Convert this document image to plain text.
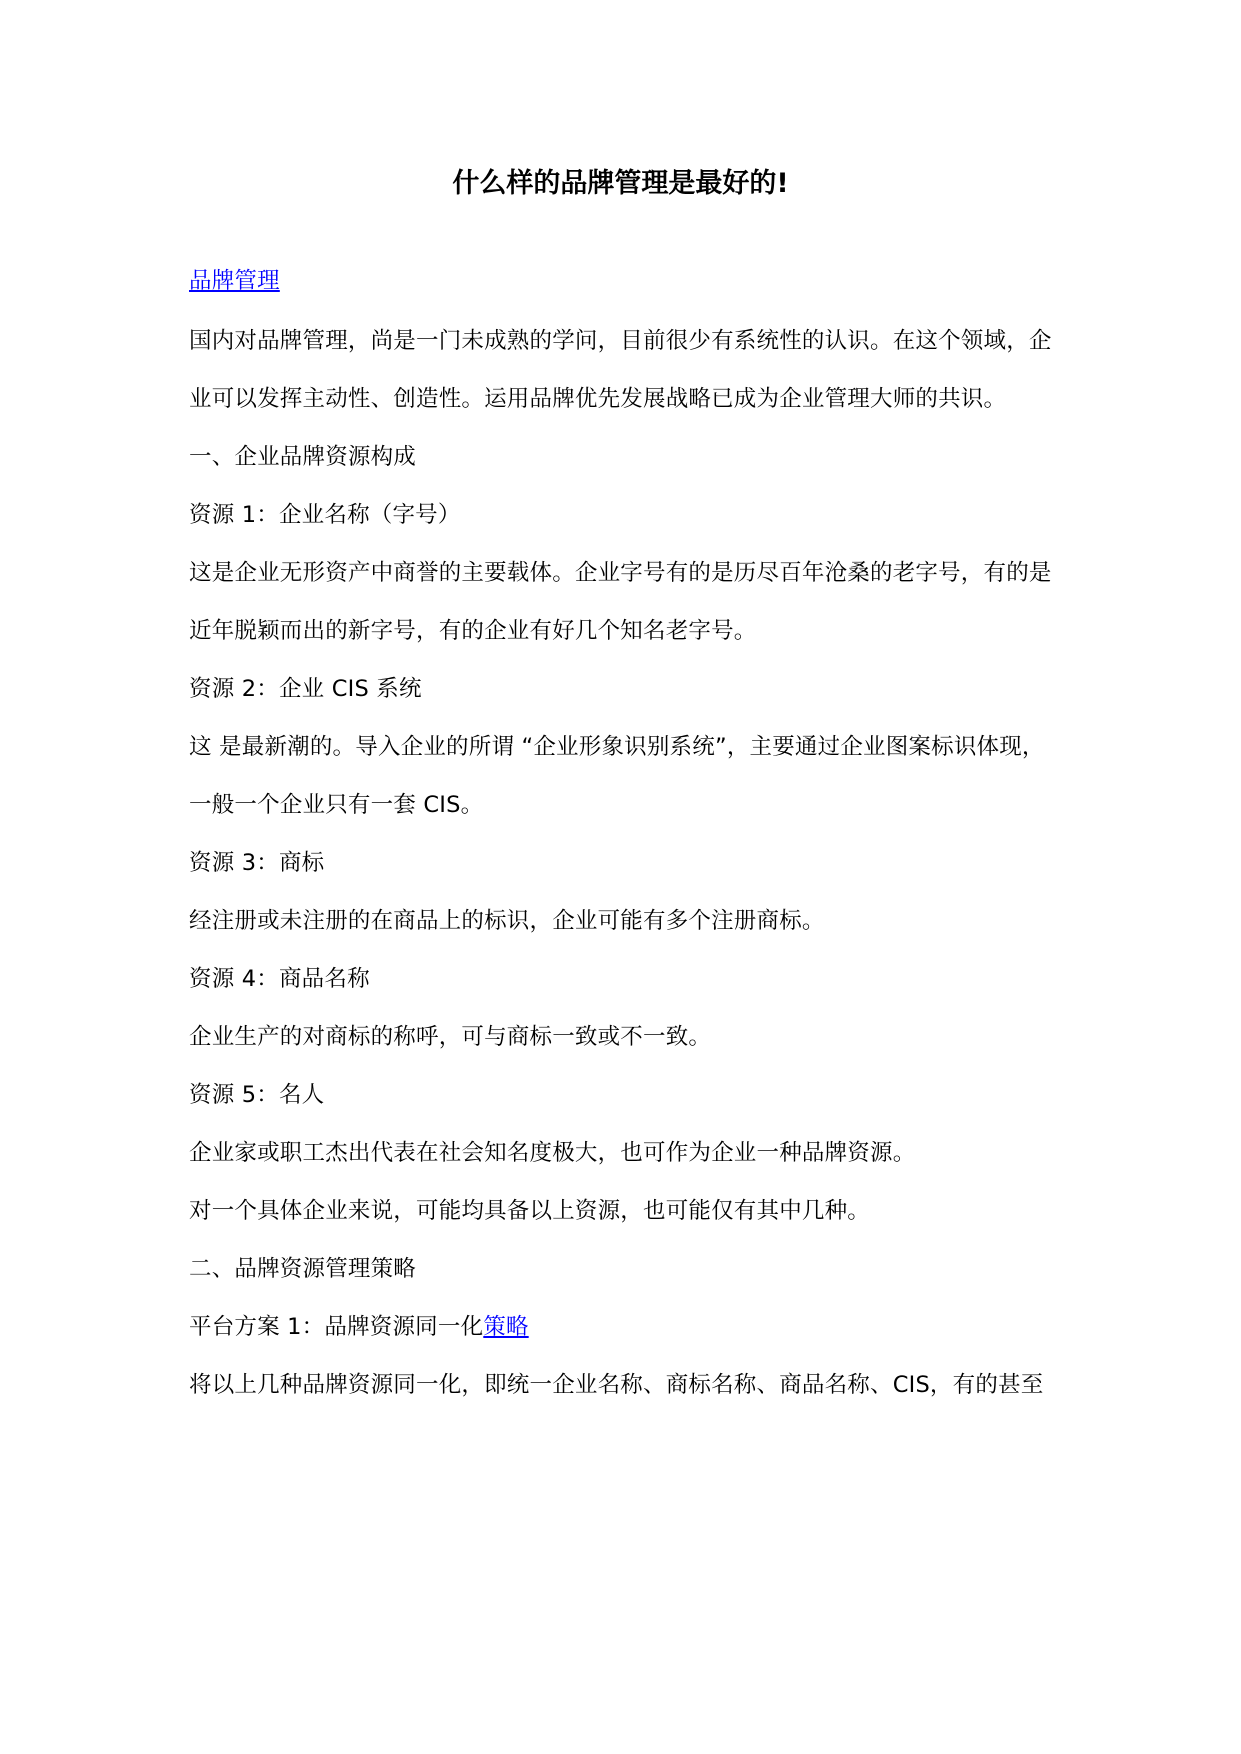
什么样的品牌管理是最好的!
品牌管理
国内对品牌管理，尚是一门未成熟的学问，目前很少有系统性的认识。在这个领域，企
业可以发挥主动性、创造性。运用品牌优先发展战略已成为企业管理大师的共识。
一、企业品牌资源构成
资源 1：企业名称（字号）
这是企业无形资产中商誉的主要载体。企业字号有的是历尽百年沧桑的老字号，有的是
近年脱颖而出的新字号，有的企业有好几个知名老字号。
资源 2：企业 CIS 系统
这 是最新潮的。导入企业的所谓 “企业形象识别系统”，主要通过企业图案标识体现，
一般一个企业只有一套 CIS。
资源 3：商标
经注册或未注册的在商品上的标识，企业可能有多个注册商标。
资源 4：商品名称
企业生产的对商标的称呼，可与商标一致或不一致。
资源 5：名人
企业家或职工杰出代表在社会知名度极大，也可作为企业一种品牌资源。
对一个具体企业来说，可能均具备以上资源，也可能仅有其中几种。
二、品牌资源管理策略
平台方案 1：品牌资源同一化策略
将以上几种品牌资源同一化，即统一企业名称、商标名称、商品名称、CIS，有的甚至
